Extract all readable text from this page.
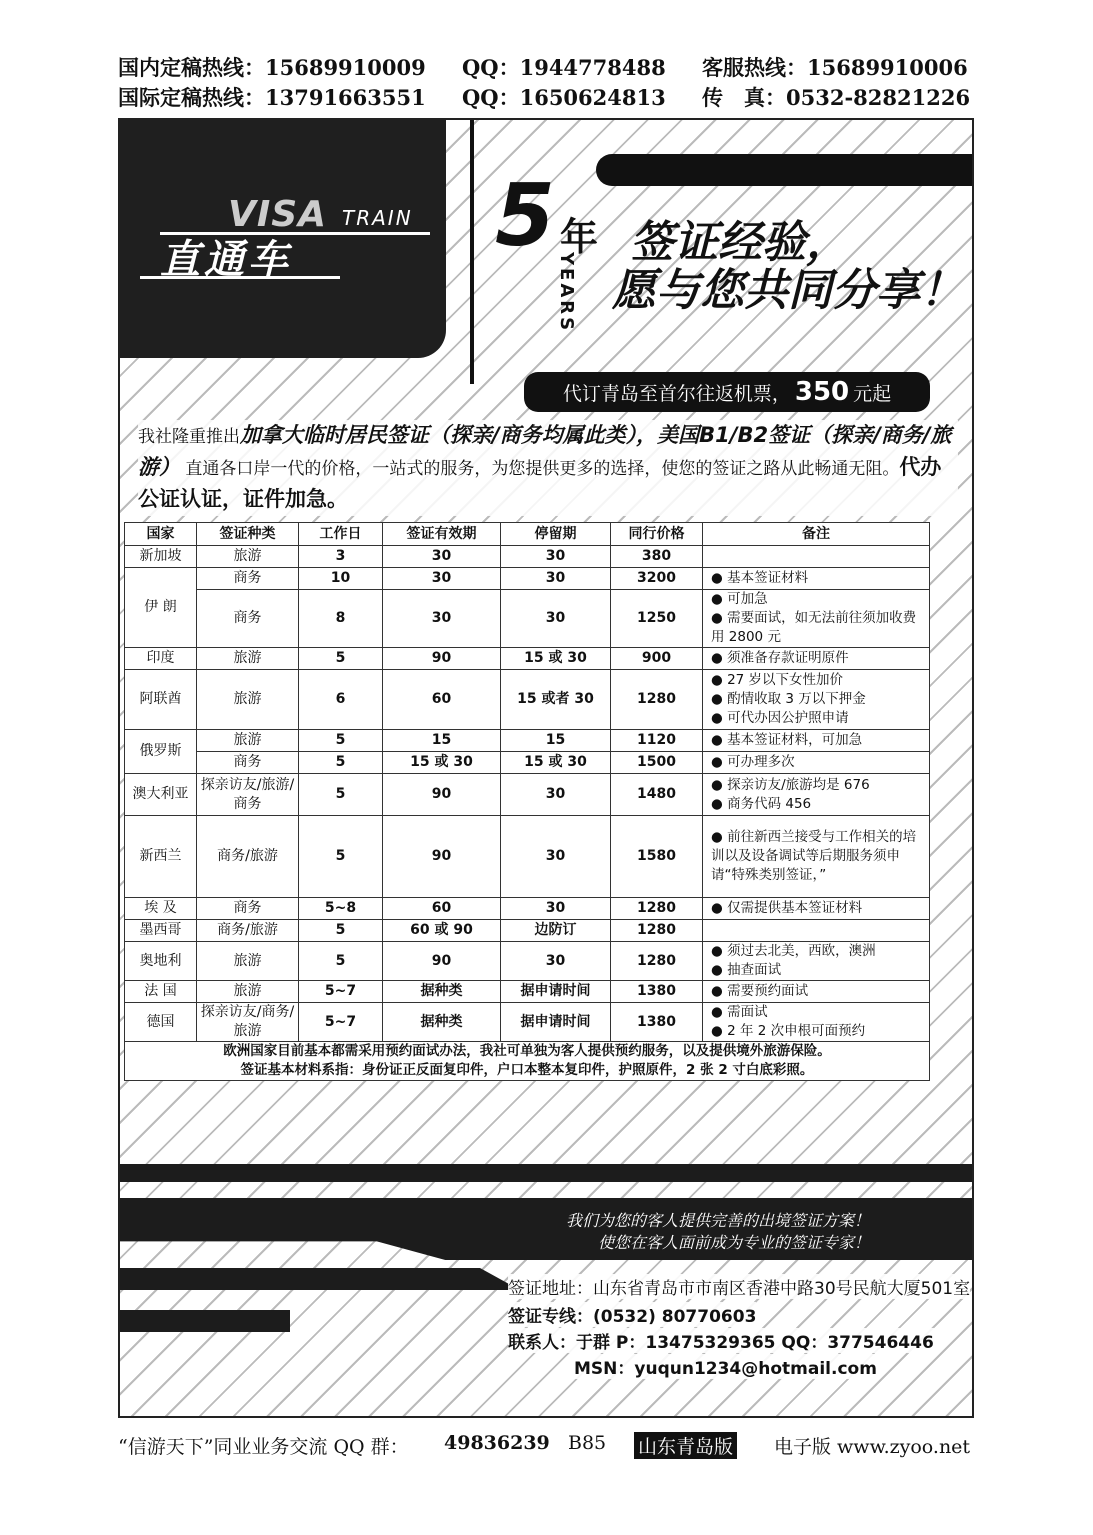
国内定稿热线：15689910009 QQ：1944778488 客服热线：15689910006
国际定稿热线：13791663551 QQ：1650624813 传　真：0532-82821226
VISA TRAIN
直通车 5 年
YEARS
签证经验，
愿与您共同分享！
代订青岛至首尔往返机票， 350 元起
我社隆重推出加拿大临时居民签证（探亲/商务均属此类），美国B1/B2签证（探亲/商务/旅游） 直通各口岸一代的价格，一站式的服务，为您提供更多的选择，使您的签证之路从此畅通无阻。代办公证认证，证件加急。
国家	签证种类	工作日	签证有效期	停留期	同行价格	备注
新加坡	旅游	3	30	30	380	
伊 朗	商务	10	30	30	3200	● 基本签证材料

	商务	8	30	30	1250	● 可加急
● 需要面试，如无法前往须加收费用 2800 元

印度	旅游	5	90	15 或 30	900	● 须准备存款证明原件

阿联酋	旅游	6	60	15 或者 30	1280	● 27 岁以下女性加价
● 酌情收取 3 万以下押金
● 可代办因公护照申请

俄罗斯	旅游	5	15	15	1120	● 基本签证材料，可加急

	商务	5	15 或 30	15 或 30	1500	● 可办理多次

澳大利亚	探亲访友/旅游/商务	5	90	30	1480	● 探亲访友/旅游均是 676
● 商务代码 456

新西兰	商务/旅游	5	90	30	1580	● 前往新西兰接受与工作相关的培训以及设备调试等后期服务须申请“特殊类别签证，”

埃 及	商务	5~8	60	30	1280	● 仅需提供基本签证材料

墨西哥	商务/旅游	5	60 或 90	边防订	1280	
奥地利	旅游	5	90	30	1280	● 须过去北美，西欧，澳洲
● 抽查面试

法 国	旅游	5~7	据种类	据申请时间	1380	● 需要预约面试

德国	探亲访友/商务/旅游	5~7	据种类	据申请时间	1380	● 需面试
● 2 年 2 次申根可面预约

欧洲国家目前基本都需采用预约面试办法，我社可单独为客人提供预约服务，以及提供境外旅游保险。
签证基本材料系指：身份证正反面复印件，户口本整本复印件，护照原件，2 张 2 寸白底彩照。						
我们为您的客人提供完善的出境签证方案！
使您在客人面前成为专业的签证专家！
签证地址：山东省青岛市市南区香港中路30号民航大厦501室
签证专线：(0532) 80770603
联系人：于群 P：13475329365 QQ：377546446
MSN：yuqun1234@hotmail.com
“信游天下”同业业务交流 QQ 群： 49836239 B85 山东青岛版 电子版 www.zyoo.net
